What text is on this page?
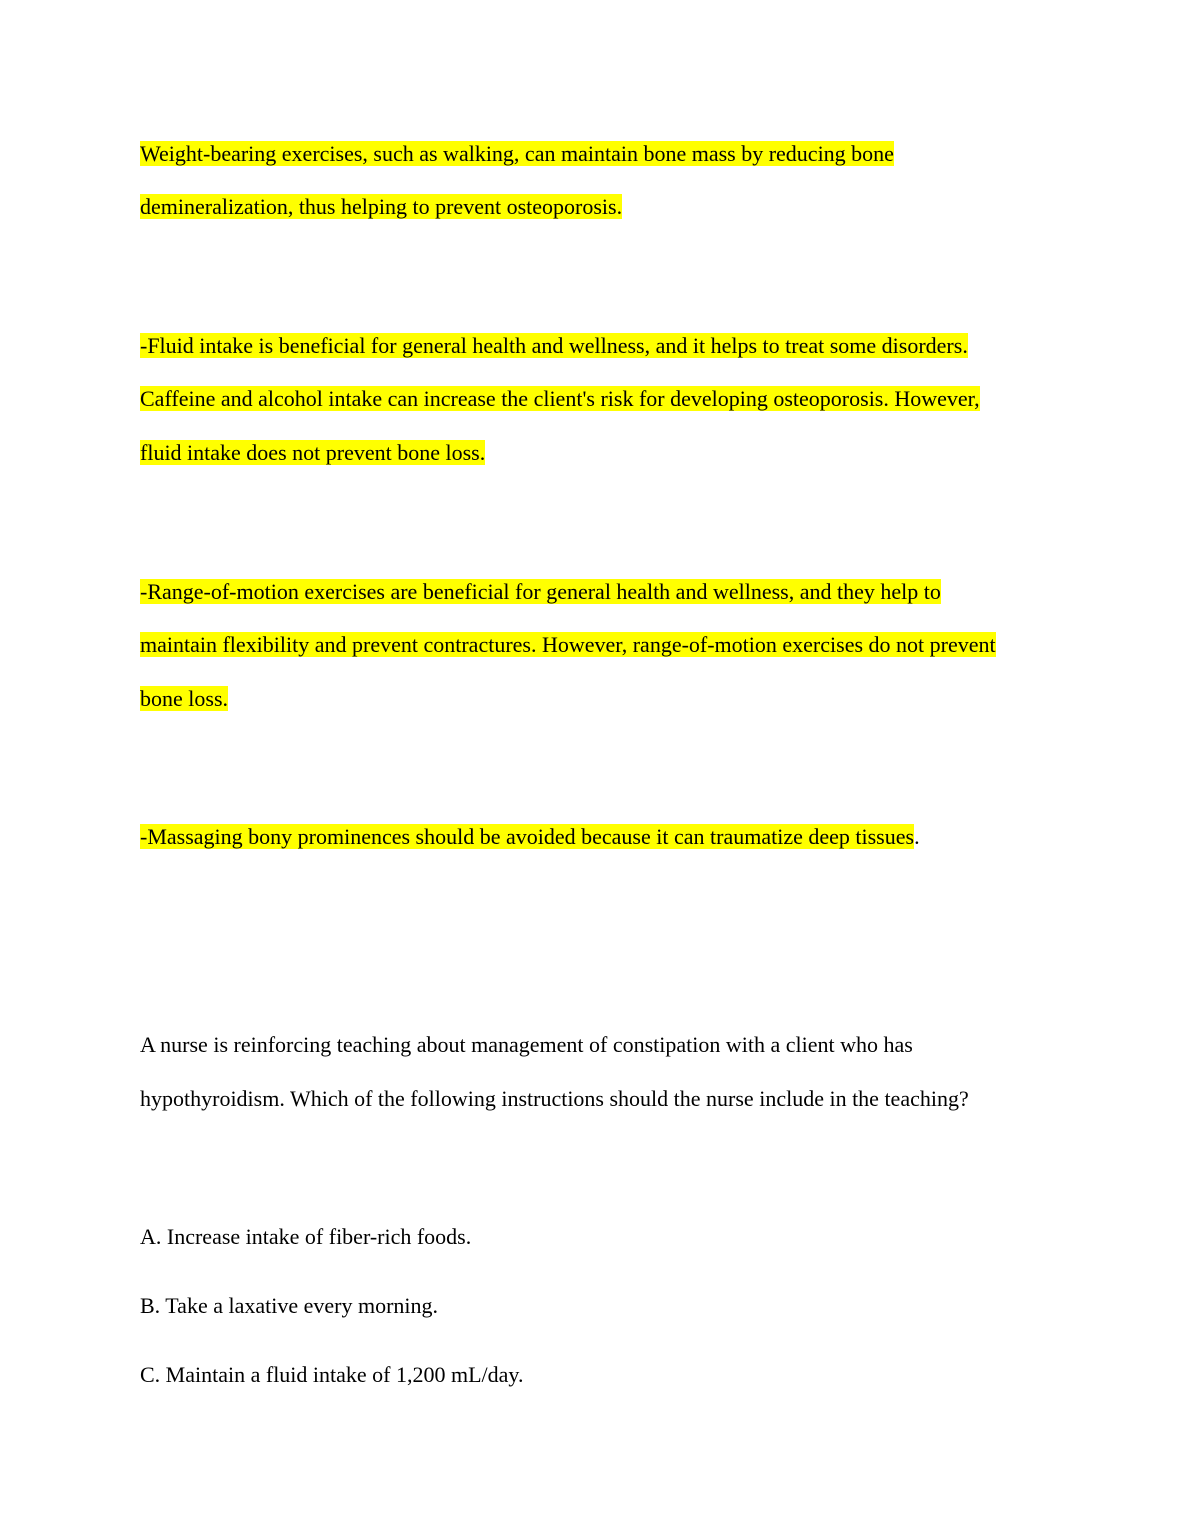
Weight-bearing exercises, such as walking, can maintain bone mass by reducing bone
demineralization, thus helping to prevent osteoporosis.
-Fluid intake is beneficial for general health and wellness, and it helps to treat some disorders.
Caffeine and alcohol intake can increase the client's risk for developing osteoporosis. However,
fluid intake does not prevent bone loss.
-Range-of-motion exercises are beneficial for general health and wellness, and they help to
maintain flexibility and prevent contractures. However, range-of-motion exercises do not prevent
bone loss.
-Massaging bony prominences should be avoided because it can traumatize deep tissues.
A nurse is reinforcing teaching about management of constipation with a client who has
hypothyroidism. Which of the following instructions should the nurse include in the teaching?
A. Increase intake of fiber-rich foods.
B. Take a laxative every morning.
C. Maintain a fluid intake of 1,200 mL/day.
